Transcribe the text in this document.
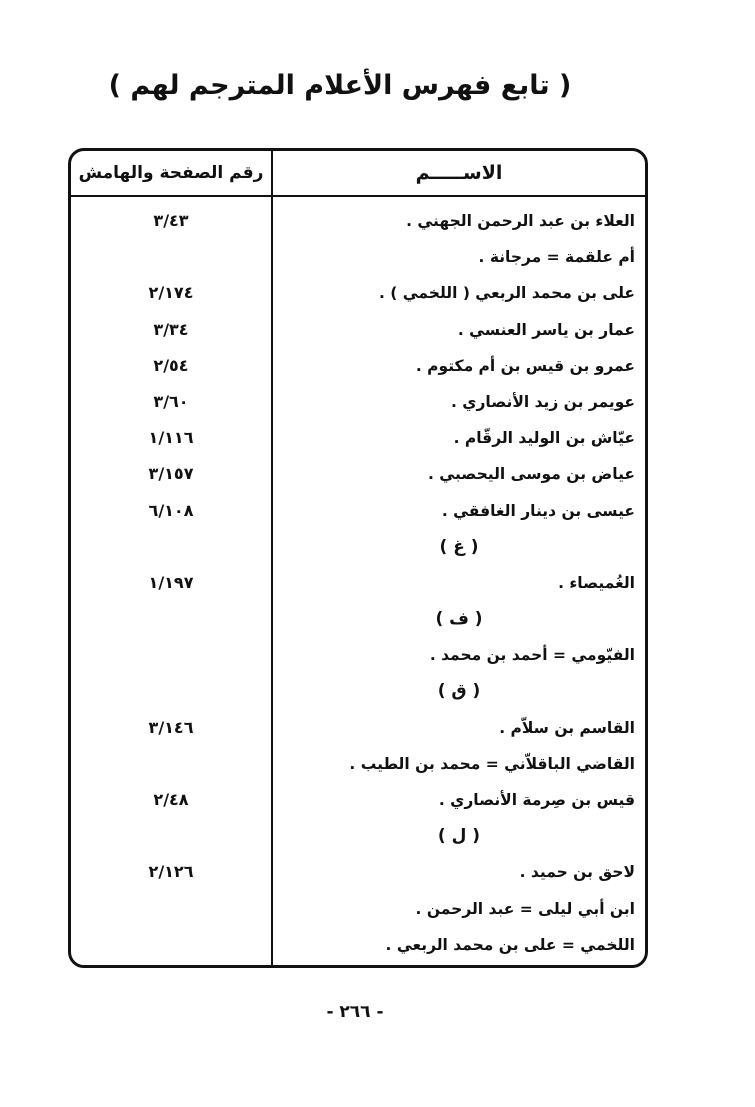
( تابع فهرس الأعلام المترجم لهم )
الاســـــم
رقم الصفحة والهامش
العلاء بن عبد الرحمن الجهني .
٣/٤٣
أم علقمة = مرجانة .
على بن محمد الربعي ( اللخمي ) .
٢/١٧٤
عمار بن ياسر العنسي .
٣/٣٤
عمرو بن قيس بن أم مكتوم .
٢/٥٤
عويمر بن زيد الأنصاري .
٣/٦٠
عيّاش بن الوليد الرقّام .
١/١١٦
عياض بن موسى اليحصبي .
٣/١٥٧
عيسى بن دينار الغافقي .
٦/١٠٨
( غ )
الغُميصاء .
١/١٩٧
( ف )
الفيّومي = أحمد بن محمد .
( ق )
القاسم بن سلاّم .
٣/١٤٦
القاضي الباقلاّني = محمد بن الطيب .
قيس بن صِرمة الأنصاري .
٢/٤٨
( ل )
لاحق بن حميد .
٢/١٢٦
ابن أبي ليلى = عبد الرحمن .
اللخمي = على بن محمد الربعي .
- ٢٦٦ -
